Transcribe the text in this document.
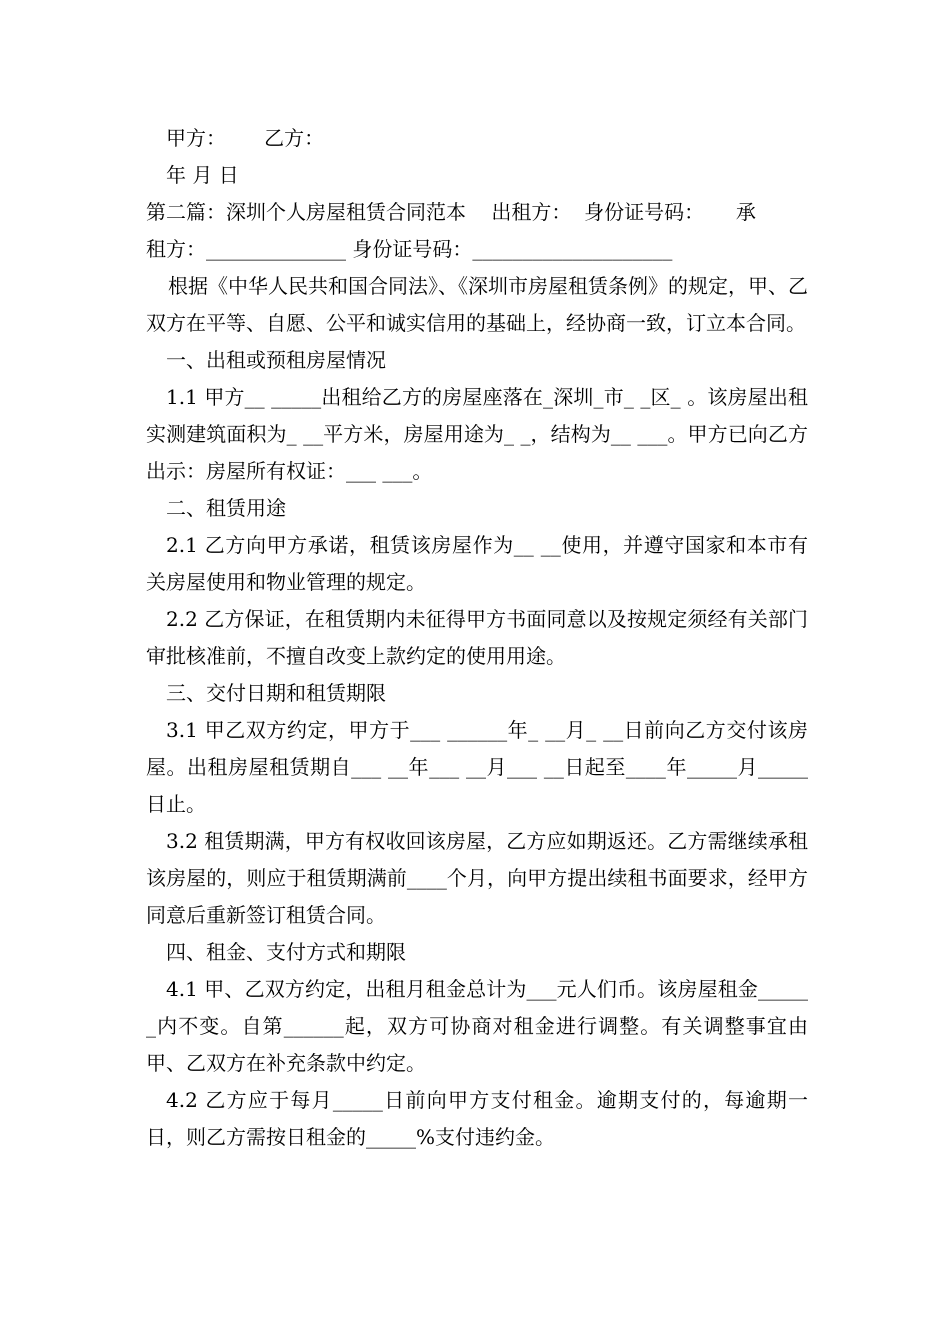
甲方：      乙方：

年 月 日

第二篇：深圳个人房屋租赁合同范本    出租方：  身份证号码：     承

租方：______________ 身份证号码：____________________

根据《中华人民共和国合同法》、《深圳市房屋租赁条例》的规定，甲、乙双方在平等、自愿、公平和诚实信用的基础上，经协商一致，订立本合同。

一、出租或预租房屋情况

1.1 甲方__ _____出租给乙方的房屋座落在_深圳_市_ _区_ 。该房屋出租实测建筑面积为_ __平方米，房屋用途为_ _，结构为__ ___。甲方已向乙方出示：房屋所有权证：___ ___。

二、租赁用途

2.1 乙方向甲方承诺，租赁该房屋作为__ __使用，并遵守国家和本市有关房屋使用和物业管理的规定。

2.2 乙方保证，在租赁期内未征得甲方书面同意以及按规定须经有关部门审批核准前，不擅自改变上款约定的使用用途。

三、交付日期和租赁期限

3.1 甲乙双方约定，甲方于___ ______年_ __月_ __日前向乙方交付该房屋。出租房屋租赁期自___ __年___ __月___ __日起至____年_____月_____日止。

3.2 租赁期满，甲方有权收回该房屋，乙方应如期返还。乙方需继续承租该房屋的，则应于租赁期满前____个月，向甲方提出续租书面要求，经甲方同意后重新签订租赁合同。

四、租金、支付方式和期限

4.1 甲、乙双方约定，出租月租金总计为___元人们币。该房屋租金______内不变。自第______起，双方可协商对租金进行调整。有关调整事宜由甲、乙双方在补充条款中约定。

4.2 乙方应于每月_____日前向甲方支付租金。逾期支付的，每逾期一日，则乙方需按日租金的_____%支付违约金。
